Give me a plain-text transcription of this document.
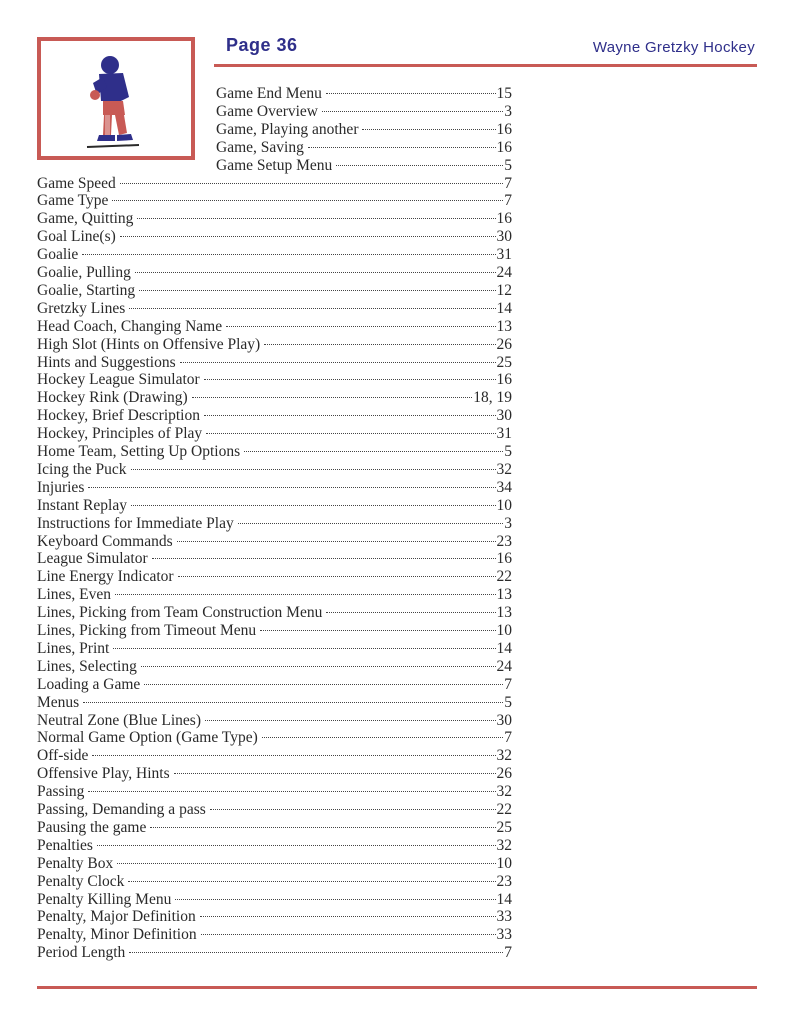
Page 36	Wayne Gretzky Hockey
Game End Menu	15
Game Overview	3
Game, Playing another	16
Game, Saving	16
Game Setup Menu	5
Game Speed	7
Game Type	7
Game, Quitting	16
Goal Line(s)	30
Goalie	31
Goalie, Pulling	24
Goalie, Starting	12
Gretzky Lines	14
Head Coach, Changing Name	13
High Slot (Hints on Offensive Play)	26
Hints and Suggestions	25
Hockey League Simulator	16
Hockey Rink (Drawing)	18, 19
Hockey, Brief Description	30
Hockey, Principles of Play	31
Home Team, Setting Up Options	5
Icing the Puck	32
Injuries	34
Instant Replay	10
Instructions for Immediate Play	3
Keyboard Commands	23
League Simulator	16
Line Energy Indicator	22
Lines, Even	13
Lines, Picking from Team Construction Menu	13
Lines, Picking from Timeout Menu	10
Lines, Print	14
Lines, Selecting	24
Loading a Game	7
Menus	5
Neutral Zone (Blue Lines)	30
Normal Game Option (Game Type)	7
Off-side	32
Offensive Play, Hints	26
Passing	32
Passing, Demanding a pass	22
Pausing the game	25
Penalties	32
Penalty Box	10
Penalty Clock	23
Penalty Killing Menu	14
Penalty, Major Definition	33
Penalty, Minor Definition	33
Period Length	7
